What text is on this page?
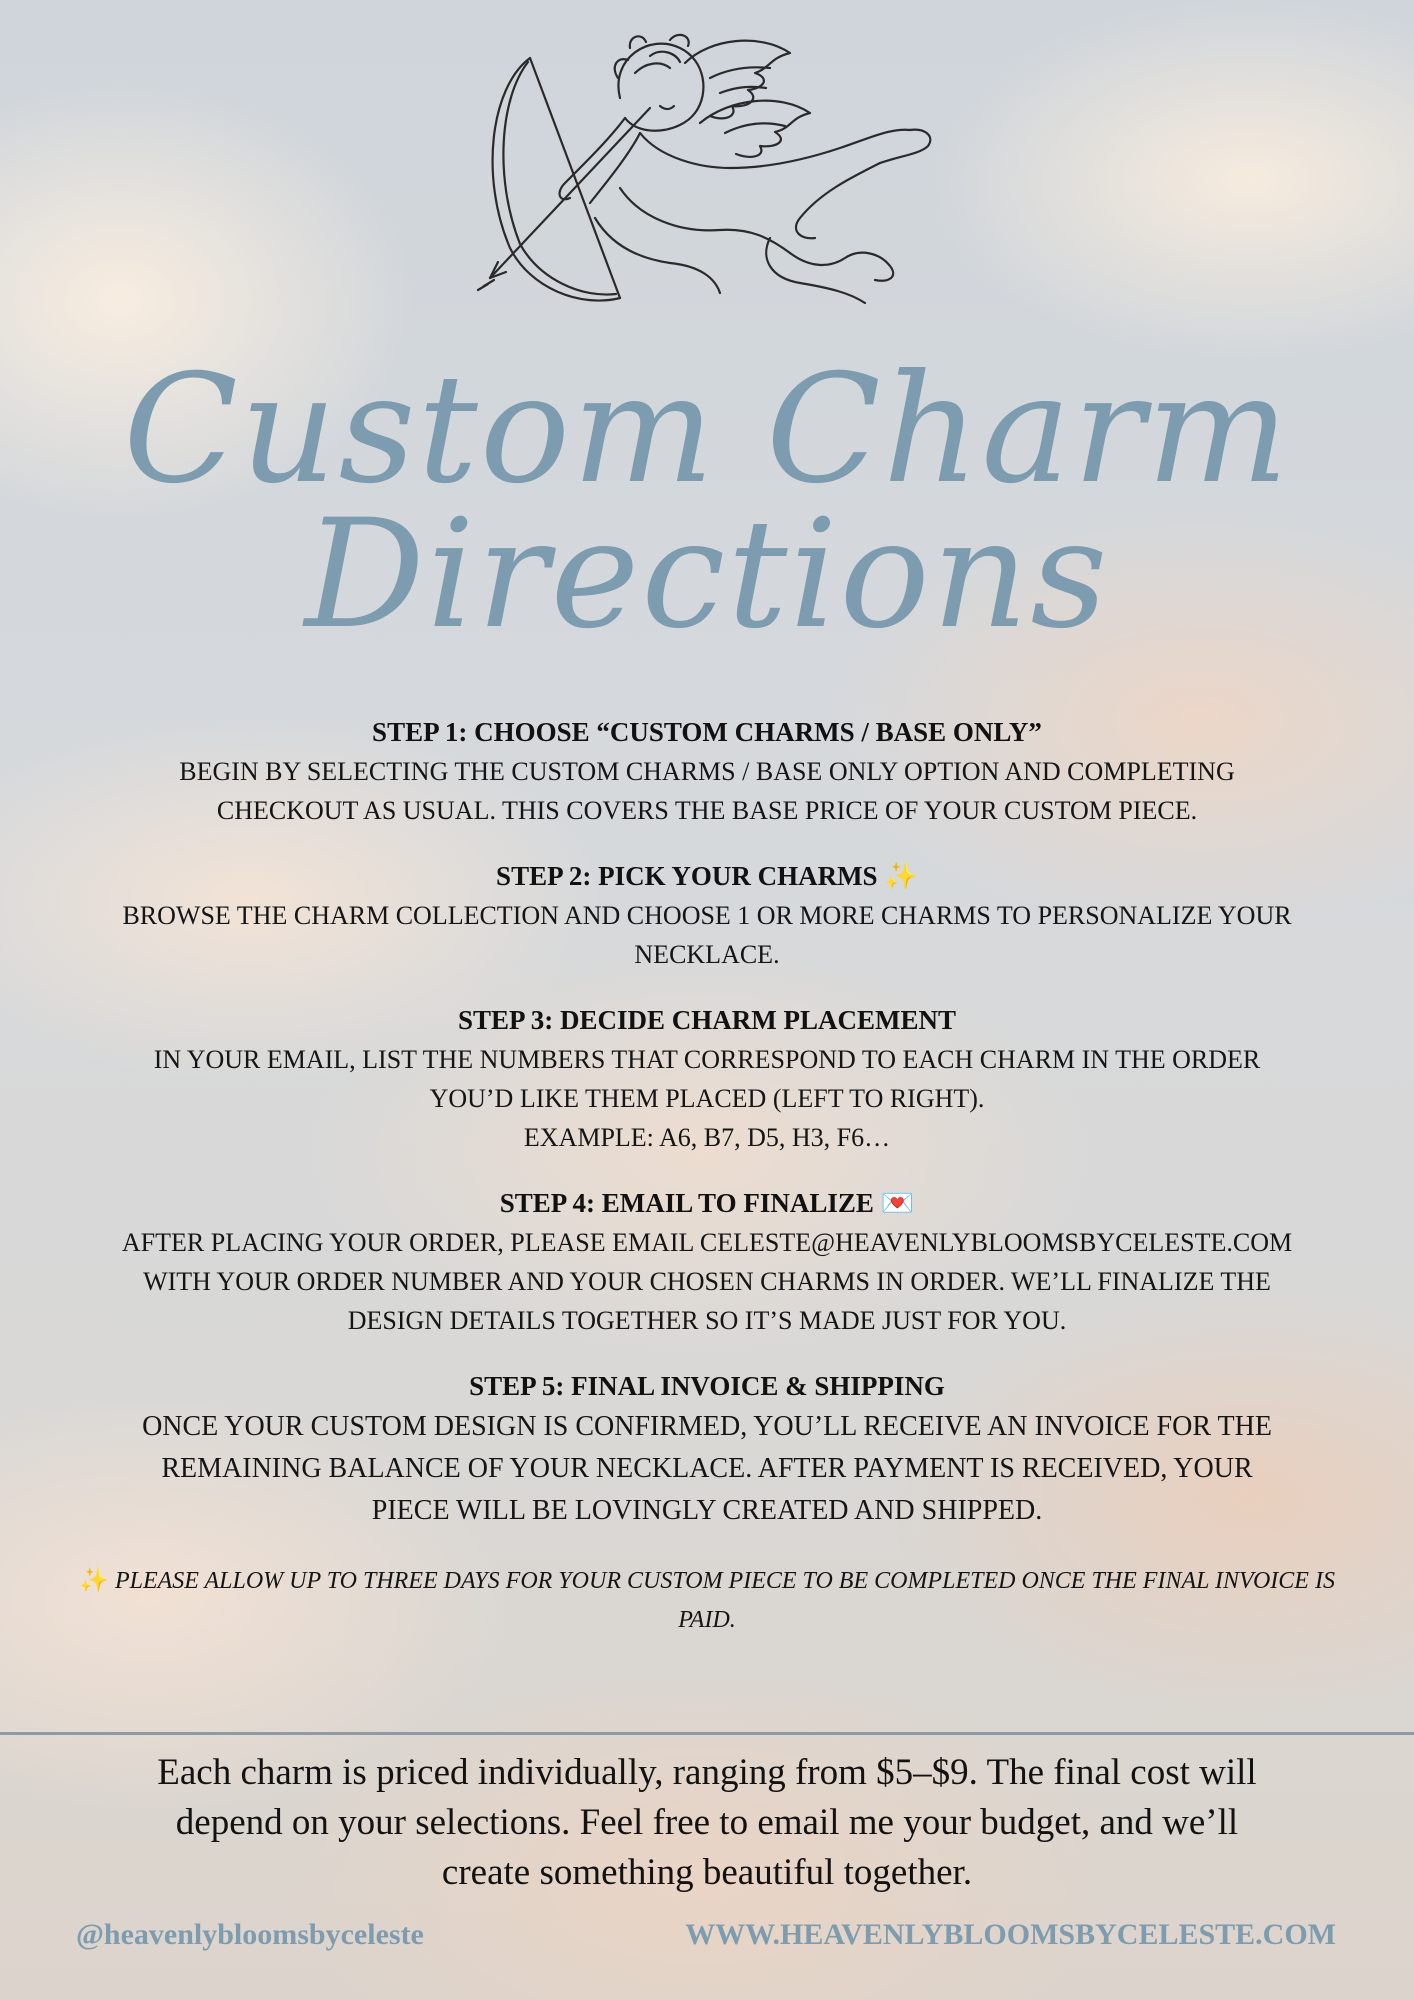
Custom Charm
Directions
STEP 1: CHOOSE “CUSTOM CHARMS / BASE ONLY”

BEGIN BY SELECTING THE CUSTOM CHARMS / BASE ONLY OPTION AND COMPLETING

CHECKOUT AS USUAL. THIS COVERS THE BASE PRICE OF YOUR CUSTOM PIECE.

STEP 2: PICK YOUR CHARMS ✨

BROWSE THE CHARM COLLECTION AND CHOOSE 1 OR MORE CHARMS TO PERSONALIZE YOUR

NECKLACE.

STEP 3: DECIDE CHARM PLACEMENT

IN YOUR EMAIL, LIST THE NUMBERS THAT CORRESPOND TO EACH CHARM IN THE ORDER

YOU’D LIKE THEM PLACED (LEFT TO RIGHT).

EXAMPLE: A6, B7, D5, H3, F6…

STEP 4: EMAIL TO FINALIZE 💌

AFTER PLACING YOUR ORDER, PLEASE EMAIL CELESTE@HEAVENLYBLOOMSBYCELESTE.COM

WITH YOUR ORDER NUMBER AND YOUR CHOSEN CHARMS IN ORDER. WE’LL FINALIZE THE

DESIGN DETAILS TOGETHER SO IT’S MADE JUST FOR YOU.

STEP 5: FINAL INVOICE & SHIPPING

ONCE YOUR CUSTOM DESIGN IS CONFIRMED, YOU’LL RECEIVE AN INVOICE FOR THE

REMAINING BALANCE OF YOUR NECKLACE. AFTER PAYMENT IS RECEIVED, YOUR

PIECE WILL BE LOVINGLY CREATED AND SHIPPED.

✨ PLEASE ALLOW UP TO THREE DAYS FOR YOUR CUSTOM PIECE TO BE COMPLETED ONCE THE FINAL INVOICE IS
PAID.
Each charm is priced individually, ranging from $5–$9. The final cost will
depend on your selections. Feel free to email me your budget, and we’ll
create something beautiful together.
@heavenlybloomsbyceleste	WWW.HEAVENLYBLOOMSBYCELESTE.COM
